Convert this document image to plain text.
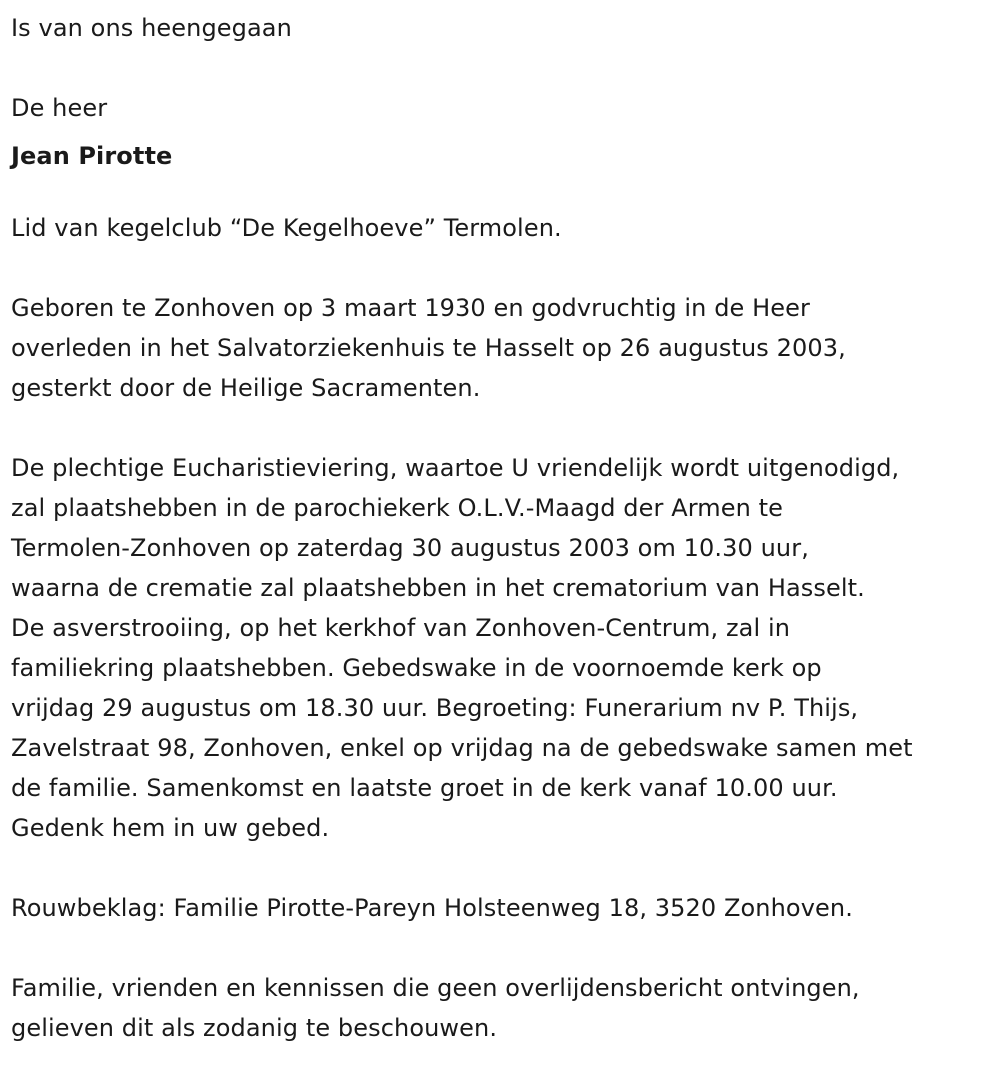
Is van ons heengegaan
De heer
Jean Pirotte
Lid van kegelclub “De Kegelhoeve” Termolen.
Geboren te Zonhoven op 3 maart 1930 en godvruchtig in de Heer
overleden in het Salvatorziekenhuis te Hasselt op 26 augustus 2003,
gesterkt door de Heilige Sacramenten.
De plechtige Eucharistieviering, waartoe U vriendelijk wordt uitgenodigd,
zal plaatshebben in de parochiekerk O.L.V.-Maagd der Armen te
Termolen-Zonhoven op zaterdag 30 augustus 2003 om 10.30 uur,
waarna de crematie zal plaatshebben in het crematorium van Hasselt.
De asverstrooiing, op het kerkhof van Zonhoven-Centrum, zal in
familiekring plaatshebben. Gebedswake in de voornoemde kerk op
vrijdag 29 augustus om 18.30 uur. Begroeting: Funerarium nv P. Thijs,
Zavelstraat 98, Zonhoven, enkel op vrijdag na de gebedswake samen met
de familie. Samenkomst en laatste groet in de kerk vanaf 10.00 uur.
Gedenk hem in uw gebed.
Rouwbeklag: Familie Pirotte-Pareyn Holsteenweg 18, 3520 Zonhoven.
Familie, vrienden en kennissen die geen overlijdensbericht ontvingen,
gelieven dit als zodanig te beschouwen.
